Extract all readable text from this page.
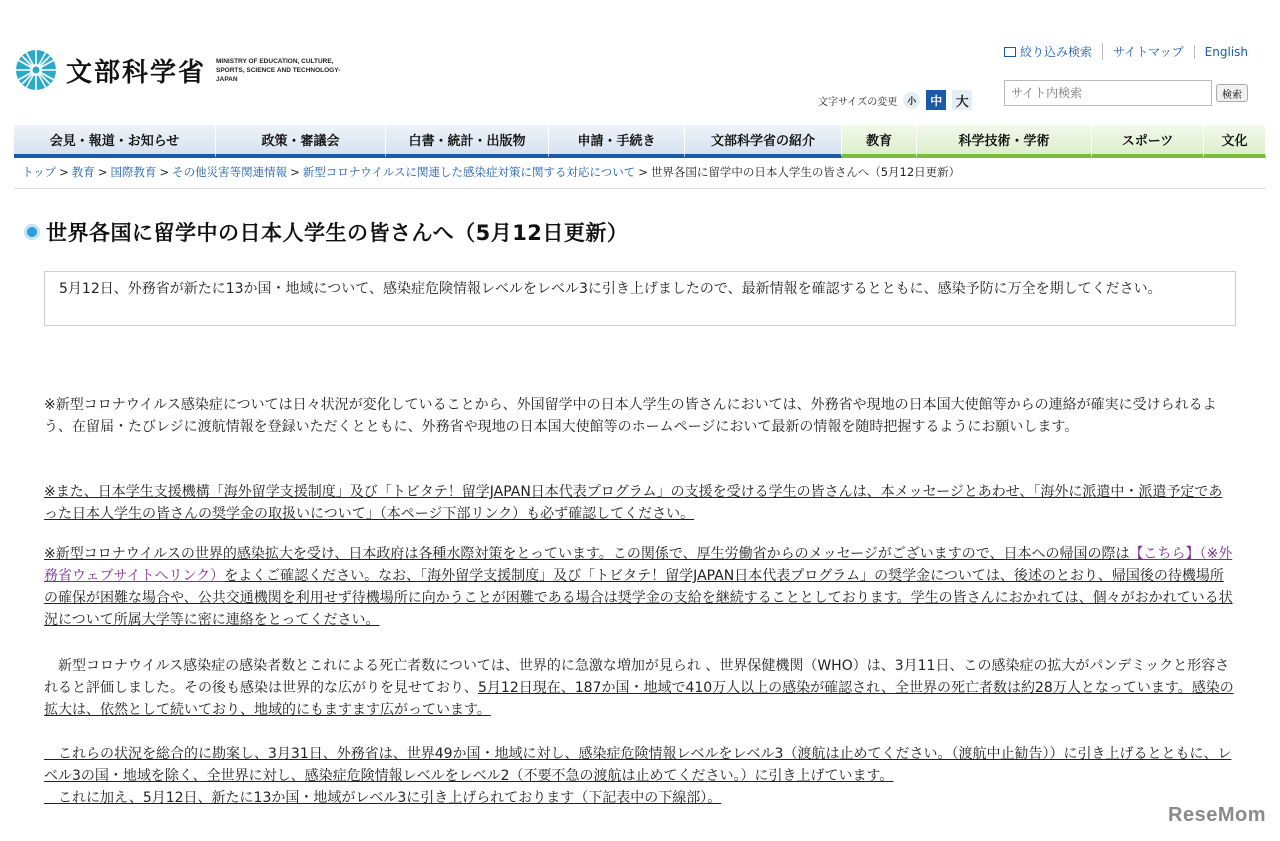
文部科学省 MINISTRY OF EDUCATION, CULTURE, SPORTS, SCIENCE AND TECHNOLOGY-JAPAN
絞り込み検索	サイトマップ	English
文字サイズの変更	小	中	大
サイト内検索	検索
会見・報道・お知らせ	政策・審議会	白書・統計・出版物	申請・手続き	文部科学省の紹介	教育	科学技術・学術	スポーツ	文化
トップ > 教育 > 国際教育 > その他災害等関連情報 > 新型コロナウイルスに関連した感染症対策に関する対応について > 世界各国に留学中の日本人学生の皆さんへ（5月12日更新）
世界各国に留学中の日本人学生の皆さんへ（5月12日更新）
5月12日、外務省が新たに13か国・地域について、感染症危険情報レベルをレベル3に引き上げましたので、最新情報を確認するとともに、感染予防に万全を期してください。

※新型コロナウイルス感染症については日々状況が変化していることから、外国留学中の日本人学生の皆さんにおいては、外務省や現地の日本国大使館等からの連絡が確実に受けられるよう、在留届・たびレジに渡航情報を登録いただくとともに、外務省や現地の日本国大使館等のホームページにおいて最新の情報を随時把握するようにお願いします。

※また、日本学生支援機構「海外留学支援制度」及び「トビタテ！留学JAPAN日本代表プログラム」の支援を受ける学生の皆さんは、本メッセージとあわせ、「海外に派遣中・派遣予定であった日本人学生の皆さんの奨学金の取扱いについて」（本ページ下部リンク）も必ず確認してください。

※新型コロナウイルスの世界的感染拡大を受け、日本政府は各種水際対策をとっています。この関係で、厚生労働省からのメッセージがございますので、日本への帰国の際は【こちら】（※外務省ウェブサイトへリンク）をよくご確認ください。なお、「海外留学支援制度」及び「トビタテ！留学JAPAN日本代表プログラム」の奨学金については、後述のとおり、帰国後の待機場所の確保が困難な場合や、公共交通機関を利用せず待機場所に向かうことが困難である場合は奨学金の支給を継続することとしております。学生の皆さんにおかれては、個々がおかれている状況について所属大学等に密に連絡をとってください。

　新型コロナウイルス感染症の感染者数とこれによる死亡者数については、世界的に急激な増加が見られ 、世界保健機関（WHO）は、3月11日、この感染症の拡大がパンデミックと形容されると評価しました。その後も感染は世界的な広がりを見せており、5月12日現在、187か国・地域で410万人以上の感染が確認され、全世界の死亡者数は約28万人となっています。感染の拡大は、依然として続いており、地域的にもますます広がっています。

　これらの状況を総合的に勘案し、3月31日、外務省は、世界49か国・地域に対し、感染症危険情報レベルをレベル3（渡航は止めてください。（渡航中止勧告））に引き上げるとともに、レベル3の国・地域を除く、全世界に対し、感染症危険情報レベルをレベル2（不要不急の渡航は止めてください。）に引き上げています。

　これに加え、5月12日、新たに13か国・地域がレベル3に引き上げられております（下記表中の下線部）。

ReseMom
